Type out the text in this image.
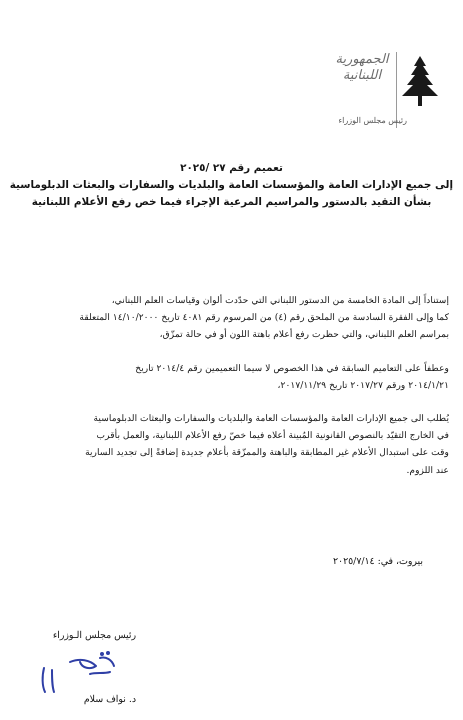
الجمهورية
اللبنانية
رئيس مجلس الوزراء
تعميم رقم ٢٧ /٢٠٢٥
إلى جميع الإدارات العامة والمؤسسات العامة والبلديات والسفارات والبعثات الدبلوماسية
بشأن التقيد بالدستور والمراسيم المرعية الإجراء فيما خص رفع الأعلام اللبنانية

إستناداً إلى المادة الخامسة من الدستور اللبناني التي حدّدت ألوان وقياسات العلم اللبناني،
كما وإلى الفقرة السادسة من الملحق رقم (٤) من المرسوم رقم ٤٠٨١ تاريخ ١٤/١٠/٢٠٠٠ المتعلقة
بمراسم العلم اللبناني، والتي حظرت رفع أعلام باهتة اللون أو في حالة تمزّق،

وعطفاً على التعاميم السابقة في هذا الخصوص لا سيما التعميمين رقم ٢٠١٤/٤ تاريخ
٢٠١٤/١/٢١ ورقم ٢٠١٧/٢٧ تاريخ ٢٠١٧/١١/٢٩،

يُطلب الى جميع الإدارات العامة والمؤسسات العامة والبلديات والسفارات والبعثات الدبلوماسية
في الخارج التقيّد بالنصوص القانونية المُبينة أعلاه فيما خصّ رفع الأعلام اللبنانية، والعمل بأقرب
وقت على استبدال الأعلام غير المطابقة والباهتة والممزّقة بأعلام جديدة إضافةً إلى تجديد السارية
عند اللزوم.

بيروت، في: ٢٠٢٥/٧/١٤
رئيس مجلس الـوزراء
د. نواف سلام
